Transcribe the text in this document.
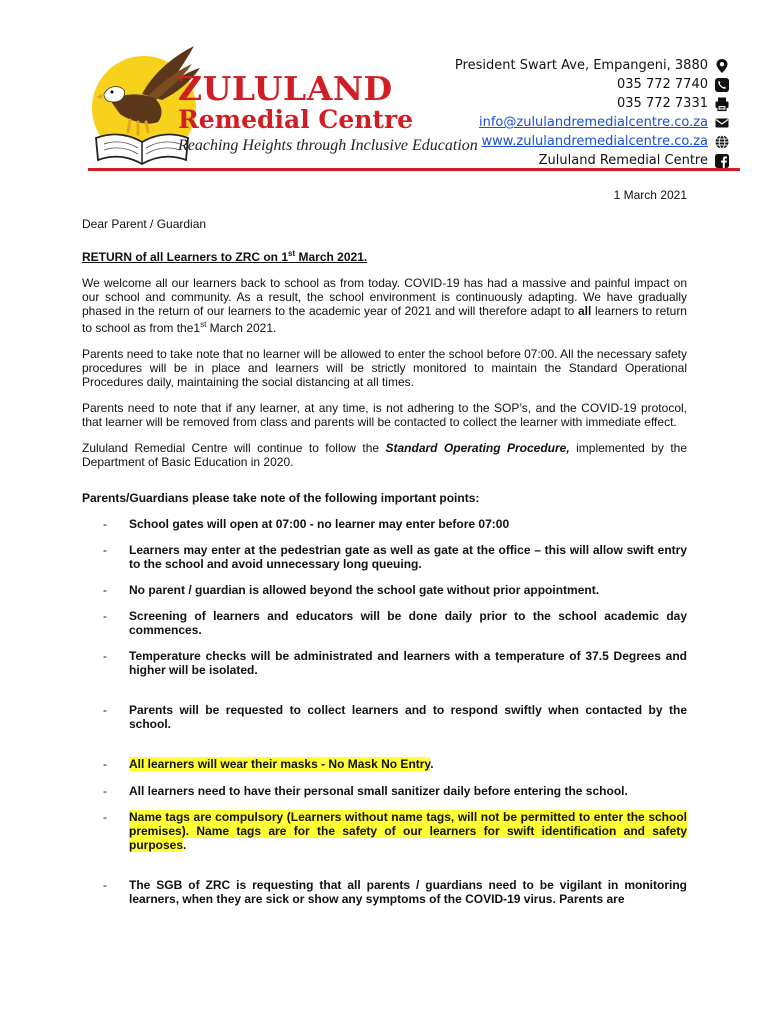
ZULULAND
Remedial Centre
Reaching Heights through Inclusive Education
President Swart Ave, Empangeni, 3880
035 772 7740
035 772 7331
info@zululandremedialcentre.co.za
www.zululandremedialcentre.co.za
Zululand Remedial Centre
1 March 2021
Dear Parent / Guardian
RETURN of all Learners to ZRC on 1st March 2021.

We welcome all our learners back to school as from today. COVID-19 has had a massive and painful impact on our school and community. As a result, the school environment is continuously adapting. We have gradually phased in the return of our learners to the academic year of 2021 and will therefore adapt to all learners to return to school as from the1st March 2021.

Parents need to take note that no learner will be allowed to enter the school before 07:00. All the necessary safety procedures will be in place and learners will be strictly monitored to maintain the Standard Operational Procedures daily, maintaining the social distancing at all times.

Parents need to note that if any learner, at any time, is not adhering to the SOP’s, and the COVID-19 protocol, that learner will be removed from class and parents will be contacted to collect the learner with immediate effect.

Zululand Remedial Centre will continue to follow the Standard Operating Procedure, implemented by the Department of Basic Education in 2020.

Parents/Guardians please take note of the following important points:
- School gates will open at 07:00 - no learner may enter before 07:00
- Learners may enter at the pedestrian gate as well as gate at the office – this will allow swift entry to the school and avoid unnecessary long queuing.
- No parent / guardian is allowed beyond the school gate without prior appointment.
- Screening of learners and educators will be done daily prior to the school academic day commences.
- Temperature checks will be administrated and learners with a temperature of 37.5 Degrees and higher will be isolated.
- Parents will be requested to collect learners and to respond swiftly when contacted by the school.
- All learners will wear their masks - No Mask No Entry.
- All learners need to have their personal small sanitizer daily before entering the school.
- Name tags are compulsory (Learners without name tags, will not be permitted to enter the school premises). Name tags are for the safety of our learners for swift identification and safety purposes.
- The SGB of ZRC is requesting that all parents / guardians need to be vigilant in monitoring learners, when they are sick or show any symptoms of the COVID-19 virus. Parents are
